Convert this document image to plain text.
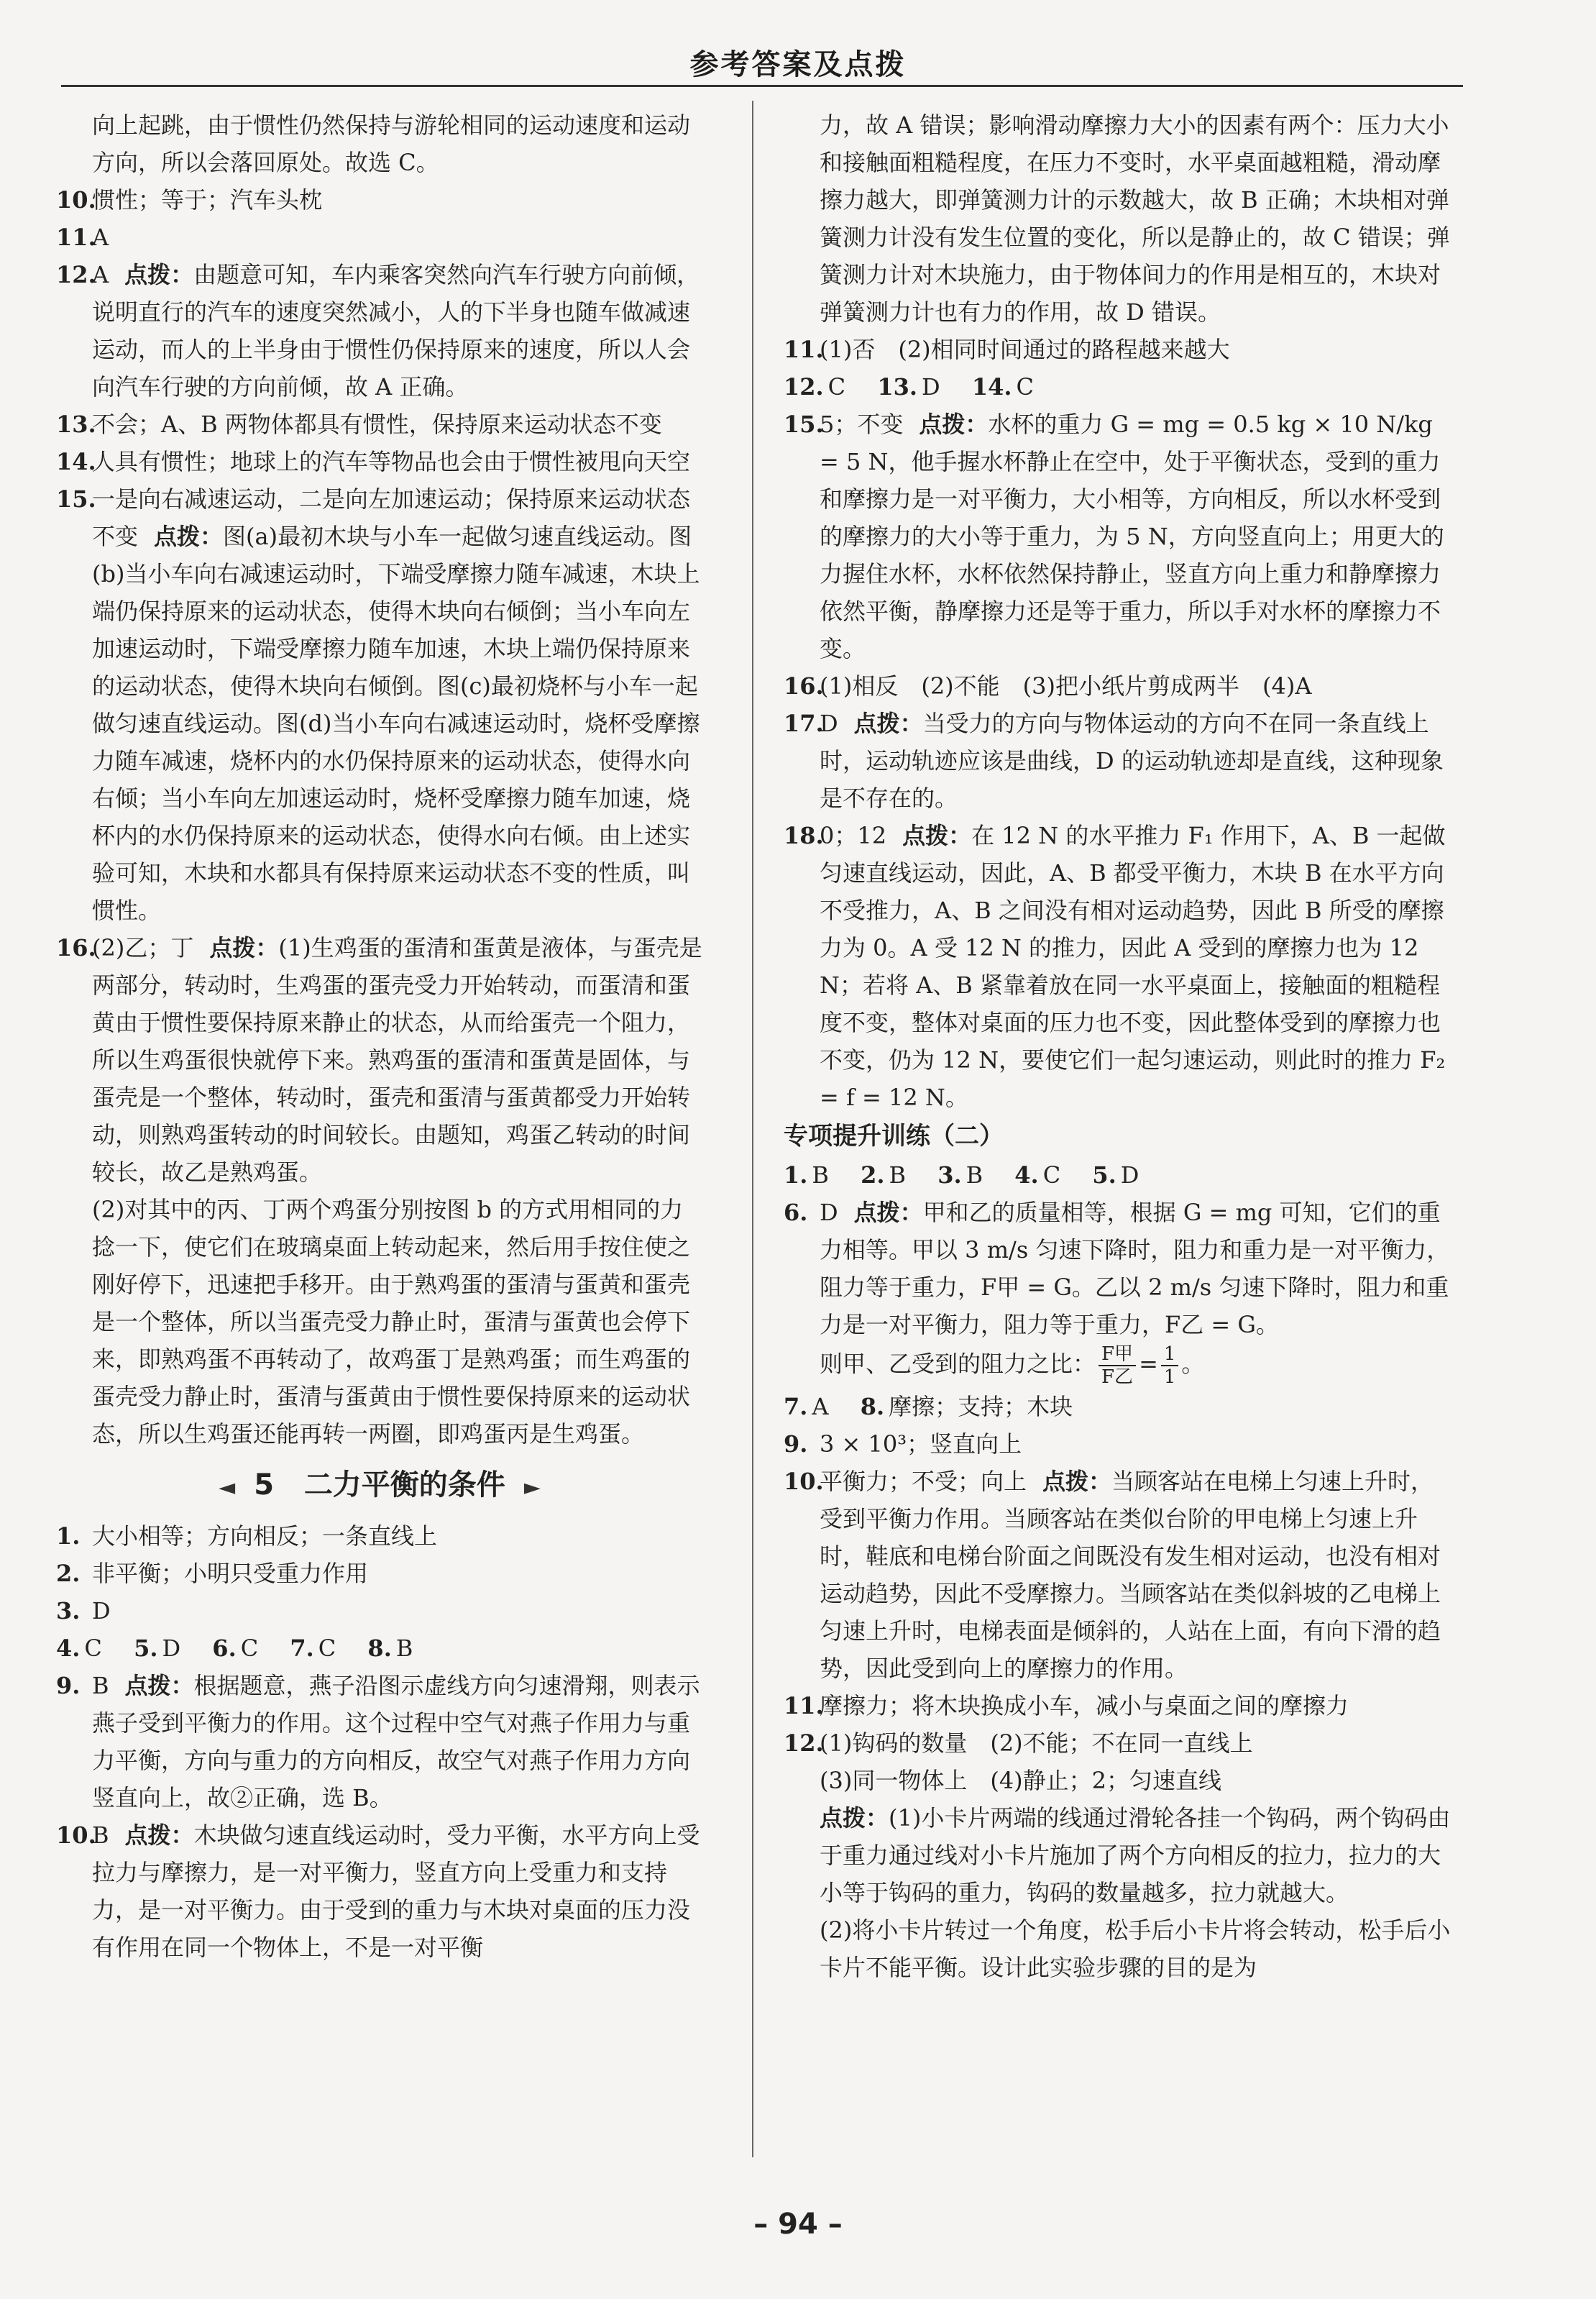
参考答案及点拨

向上起跳，由于惯性仍然保持与游轮相同的运动速度和运动方向，所以会落回原处。故选 C。

10.

惯性；等于；汽车头枕

11.

A

12.

A 点拨：由题意可知，车内乘客突然向汽车行驶方向前倾，说明直行的汽车的速度突然减小，人的下半身也随车做减速运动，而人的上半身由于惯性仍保持原来的速度，所以人会向汽车行驶的方向前倾，故 A 正确。

13.

不会；A、B 两物体都具有惯性，保持原来运动状态不变

14.

人具有惯性；地球上的汽车等物品也会由于惯性被甩向天空

15.

一是向右减速运动，二是向左加速运动；保持原来运动状态不变 点拨：图(a)最初木块与小车一起做匀速直线运动。图(b)当小车向右减速运动时，下端受摩擦力随车减速，木块上端仍保持原来的运动状态，使得木块向右倾倒；当小车向左加速运动时，下端受摩擦力随车加速，木块上端仍保持原来的运动状态，使得木块向右倾倒。图(c)最初烧杯与小车一起做匀速直线运动。图(d)当小车向右减速运动时，烧杯受摩擦力随车减速，烧杯内的水仍保持原来的运动状态，使得水向右倾；当小车向左加速运动时，烧杯受摩擦力随车加速，烧杯内的水仍保持原来的运动状态，使得水向右倾。由上述实验可知，木块和水都具有保持原来运动状态不变的性质，叫惯性。

16.

(2)乙；丁 点拨：(1)生鸡蛋的蛋清和蛋黄是液体，与蛋壳是两部分，转动时，生鸡蛋的蛋壳受力开始转动，而蛋清和蛋黄由于惯性要保持原来静止的状态，从而给蛋壳一个阻力，所以生鸡蛋很快就停下来。熟鸡蛋的蛋清和蛋黄是固体，与蛋壳是一个整体，转动时，蛋壳和蛋清与蛋黄都受力开始转动，则熟鸡蛋转动的时间较长。由题知，鸡蛋乙转动的时间较长，故乙是熟鸡蛋。

(2)对其中的丙、丁两个鸡蛋分别按图 b 的方式用相同的力捻一下，使它们在玻璃桌面上转动起来，然后用手按住使之刚好停下，迅速把手移开。由于熟鸡蛋的蛋清与蛋黄和蛋壳是一个整体，所以当蛋壳受力静止时，蛋清与蛋黄也会停下来，即熟鸡蛋不再转动了，故鸡蛋丁是熟鸡蛋；而生鸡蛋的蛋壳受力静止时，蛋清与蛋黄由于惯性要保持原来的运动状态，所以生鸡蛋还能再转一两圈，即鸡蛋丙是生鸡蛋。

◄ 5 二力平衡的条件 ►
1. 大小相等；方向相反；一条直线上

2. 非平衡；小明只受重力作用

3. D

4. C 5. D 6. C 7. C 8. B
9. B 点拨：根据题意，燕子沿图示虚线方向匀速滑翔，则表示燕子受到平衡力的作用。这个过程中空气对燕子作用力与重力平衡，方向与重力的方向相反，故空气对燕子作用力方向竖直向上，故②正确，选 B。

10.

B 点拨：木块做匀速直线运动时，受力平衡，水平方向上受拉力与摩擦力，是一对平衡力，竖直方向上受重力和支持力，是一对平衡力。由于受到的重力与木块对桌面的压力没有作用在同一个物体上，不是一对平衡

力，故 A 错误；影响滑动摩擦力大小的因素有两个：压力大小和接触面粗糙程度，在压力不变时，水平桌面越粗糙，滑动摩擦力越大，即弹簧测力计的示数越大，故 B 正确；木块相对弹簧测力计没有发生位置的变化，所以是静止的，故 C 错误；弹簧测力计对木块施力，由于物体间力的作用是相互的，木块对弹簧测力计也有力的作用，故 D 错误。

11.

(1)否　(2)相同时间通过的路程越来越大

12. C 13. D 14. C
15.

5；不变 点拨：水杯的重力 G = mg = 0.5 kg × 10 N/kg = 5 N，他手握水杯静止在空中，处于平衡状态，受到的重力和摩擦力是一对平衡力，大小相等，方向相反，所以水杯受到的摩擦力的大小等于重力，为 5 N，方向竖直向上；用更大的力握住水杯，水杯依然保持静止，竖直方向上重力和静摩擦力依然平衡，静摩擦力还是等于重力，所以手对水杯的摩擦力不变。

16.

(1)相反　(2)不能　(3)把小纸片剪成两半　(4)A

17.

D 点拨：当受力的方向与物体运动的方向不在同一条直线上时，运动轨迹应该是曲线，D 的运动轨迹却是直线，这种现象是不存在的。

18.

0；12 点拨：在 12 N 的水平推力 F₁ 作用下，A、B 一起做匀速直线运动，因此，A、B 都受平衡力，木块 B 在水平方向不受推力，A、B 之间没有相对运动趋势，因此 B 所受的摩擦力为 0。A 受 12 N 的推力，因此 A 受到的摩擦力也为 12 N；若将 A、B 紧靠着放在同一水平桌面上，接触面的粗糙程度不变，整体对桌面的压力也不变，因此整体受到的摩擦力也不变，仍为 12 N，要使它们一起匀速运动，则此时的推力 F₂ = f = 12 N。

专项提升训练（二）
1. B 2. B 3. B 4. C 5. D
6. D 点拨：甲和乙的质量相等，根据 G = mg 可知，它们的重力相等。甲以 3 m/s 匀速下降时，阻力和重力是一对平衡力，阻力等于重力，F甲 = G。乙以 2 m/s 匀速下降时，阻力和重力是一对平衡力，阻力等于重力，F乙 = G。

则甲、乙受到的阻力之比： $\frac{\text{F甲}}{\text{F乙}} = \frac{1}{1}$ 。

7. A 8. 摩擦；支持；木块
9. 3 × 10³；竖直向上

10.

平衡力；不受；向上 点拨：当顾客站在电梯上匀速上升时，受到平衡力作用。当顾客站在类似台阶的甲电梯上匀速上升时，鞋底和电梯台阶面之间既没有发生相对运动，也没有相对运动趋势，因此不受摩擦力。当顾客站在类似斜坡的乙电梯上匀速上升时，电梯表面是倾斜的，人站在上面，有向下滑的趋势，因此受到向上的摩擦力的作用。

11.

摩擦力；将木块换成小车，减小与桌面之间的摩擦力

12.

(1)钩码的数量　(2)不能；不在同一直线上

(3)同一物体上　(4)静止；2；匀速直线

点拨：(1)小卡片两端的线通过滑轮各挂一个钩码，两个钩码由于重力通过线对小卡片施加了两个方向相反的拉力，拉力的大小等于钩码的重力，钩码的数量越多，拉力就越大。

(2)将小卡片转过一个角度，松手后小卡片将会转动，松手后小卡片不能平衡。设计此实验步骤的目的是为

– 94 –
